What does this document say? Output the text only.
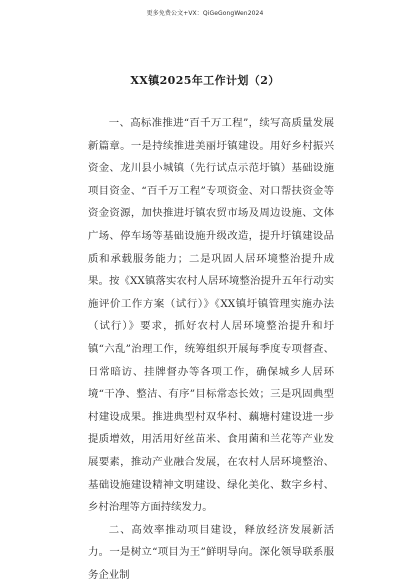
更多免费公文+VX：QiGeGongWen2024
XX镇2025年工作计划（2）

一、高标准推进“百千万工程”，续写高质量发展新篇章。一是持续推进美丽圩镇建设。用好乡村振兴资金、龙川县小城镇（先行试点示范圩镇）基础设施项目资金、“百千万工程”专项资金、对口帮扶资金等资金资源，加快推进圩镇农贸市场及周边设施、文体广场、停车场等基础设施升级改造，提升圩镇建设品质和承载服务能力；二是巩固人居环境整治提升成果。按《XX镇落实农村人居环境整治提升五年行动实施评价工作方案（试行）》《XX镇圩镇管理实施办法（试行）》要求，抓好农村人居环境整治提升和圩镇“六乱”治理工作，统筹组织开展每季度专项督查、日常暗访、挂牌督办等各项工作，确保城乡人居环境“干净、整洁、有序”目标常态长效；三是巩固典型村建设成果。推进典型村双华村、藕塘村建设进一步提质增效，用活用好丝苗米、食用菌和兰花等产业发展要素，推动产业融合发展，在农村人居环境整治、基础设施建设精神文明建设、绿化美化、数字乡村、乡村治理等方面持续发力。

二、高效率推动项目建设，释放经济发展新活力。一是树立“项目为王”鲜明导向。深化领导联系服务企业制
